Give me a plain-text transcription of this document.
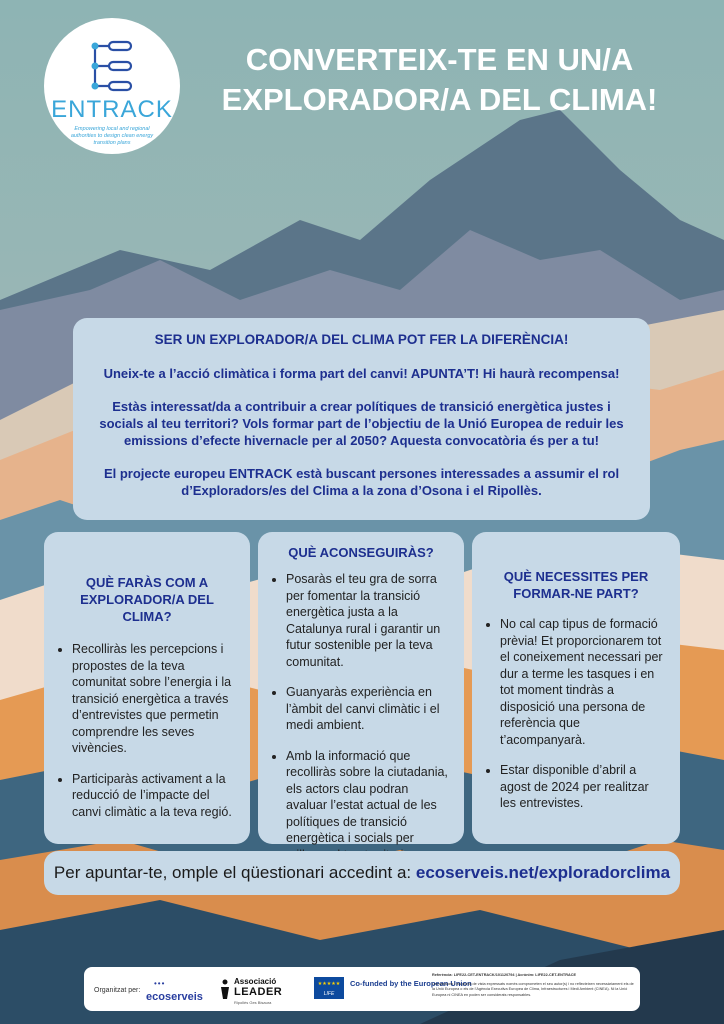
ENTRACK
Empowering local and regional authorities to design clean energy transition plans
CONVERTEIX-TE EN UN/A EXPLORADOR/A DEL CLIMA!
SER UN EXPLORADOR/A DEL CLIMA POT FER LA DIFERÈNCIA!

Uneix-te a l’acció climàtica i forma part del canvi! APUNTA’T! Hi haurà recompensa!

Estàs interessat/da a contribuir a crear polítiques de transició energètica justes i socials al teu territori? Vols formar part de l’objectiu de la Unió Europea de reduir les emissions d’efecte hivernacle per al 2050? Aquesta convocatòria és per a tu!

El projecte europeu ENTRACK està buscant persones interessades a assumir el rol d’Exploradors/es del Clima a la zona d’Osona i el Ripollès.

QUÈ FARÀS COM A EXPLORADOR/A DEL CLIMA?
• Recolliràs les percepcions i propostes de la teva comunitat sobre l’energia i la transició energètica a través d’entrevistes que permetin comprendre les seves vivències.
• Participaràs activament a la reducció de l’impacte del canvi climàtic a la teva regió.
QUÈ ACONSEGUIRÀS?
• Posaràs el teu gra de sorra per fomentar la transició energètica justa a la Catalunya rural i garantir un futur sostenible per la teva comunitat.
• Guanyaràs experiència en l’àmbit del canvi climàtic i el medi ambient.
• Amb la informació que recolliràs sobre la ciutadania, els actors clau podran avaluar l’estat actual de les polítiques de transició energètica i socials per
QUÈ NECESSITES PER FORMAR-NE PART?
• No cal cap tipus de formació prèvia! Et proporcionarem tot el coneixement necessari per dur a terme les tasques i en tot moment tindràs a disposició una persona de referència que t’acompanyarà.
• Estar disponible d’abril a agost de 2024 per realitzar les entrevistes.
Per apuntar-te, omple el qüestionari accedint a: ecoserveis.net/exploradorclima
Organitzat per:
•••
ecoserveis
Associació
LEADER
Ripollès Ges Bisaura
★★★★★
LIFE
Co-funded by the European Union
Referència: LIFE22-CET-ENTRACK/101120794 | Acrònim: LIFE22-CET-ENTRACE
Les opinions i els punts de vista expressats només comprometen el seu autor(s) i no reflecteixen necessàriament els de la Unió Europea o els de l’Agència Executiva Europea de Clima, Infraestructures i Medi Ambient (CINEA). Ni la Unió Europea ni CINEA en poden ser considerats responsables.
